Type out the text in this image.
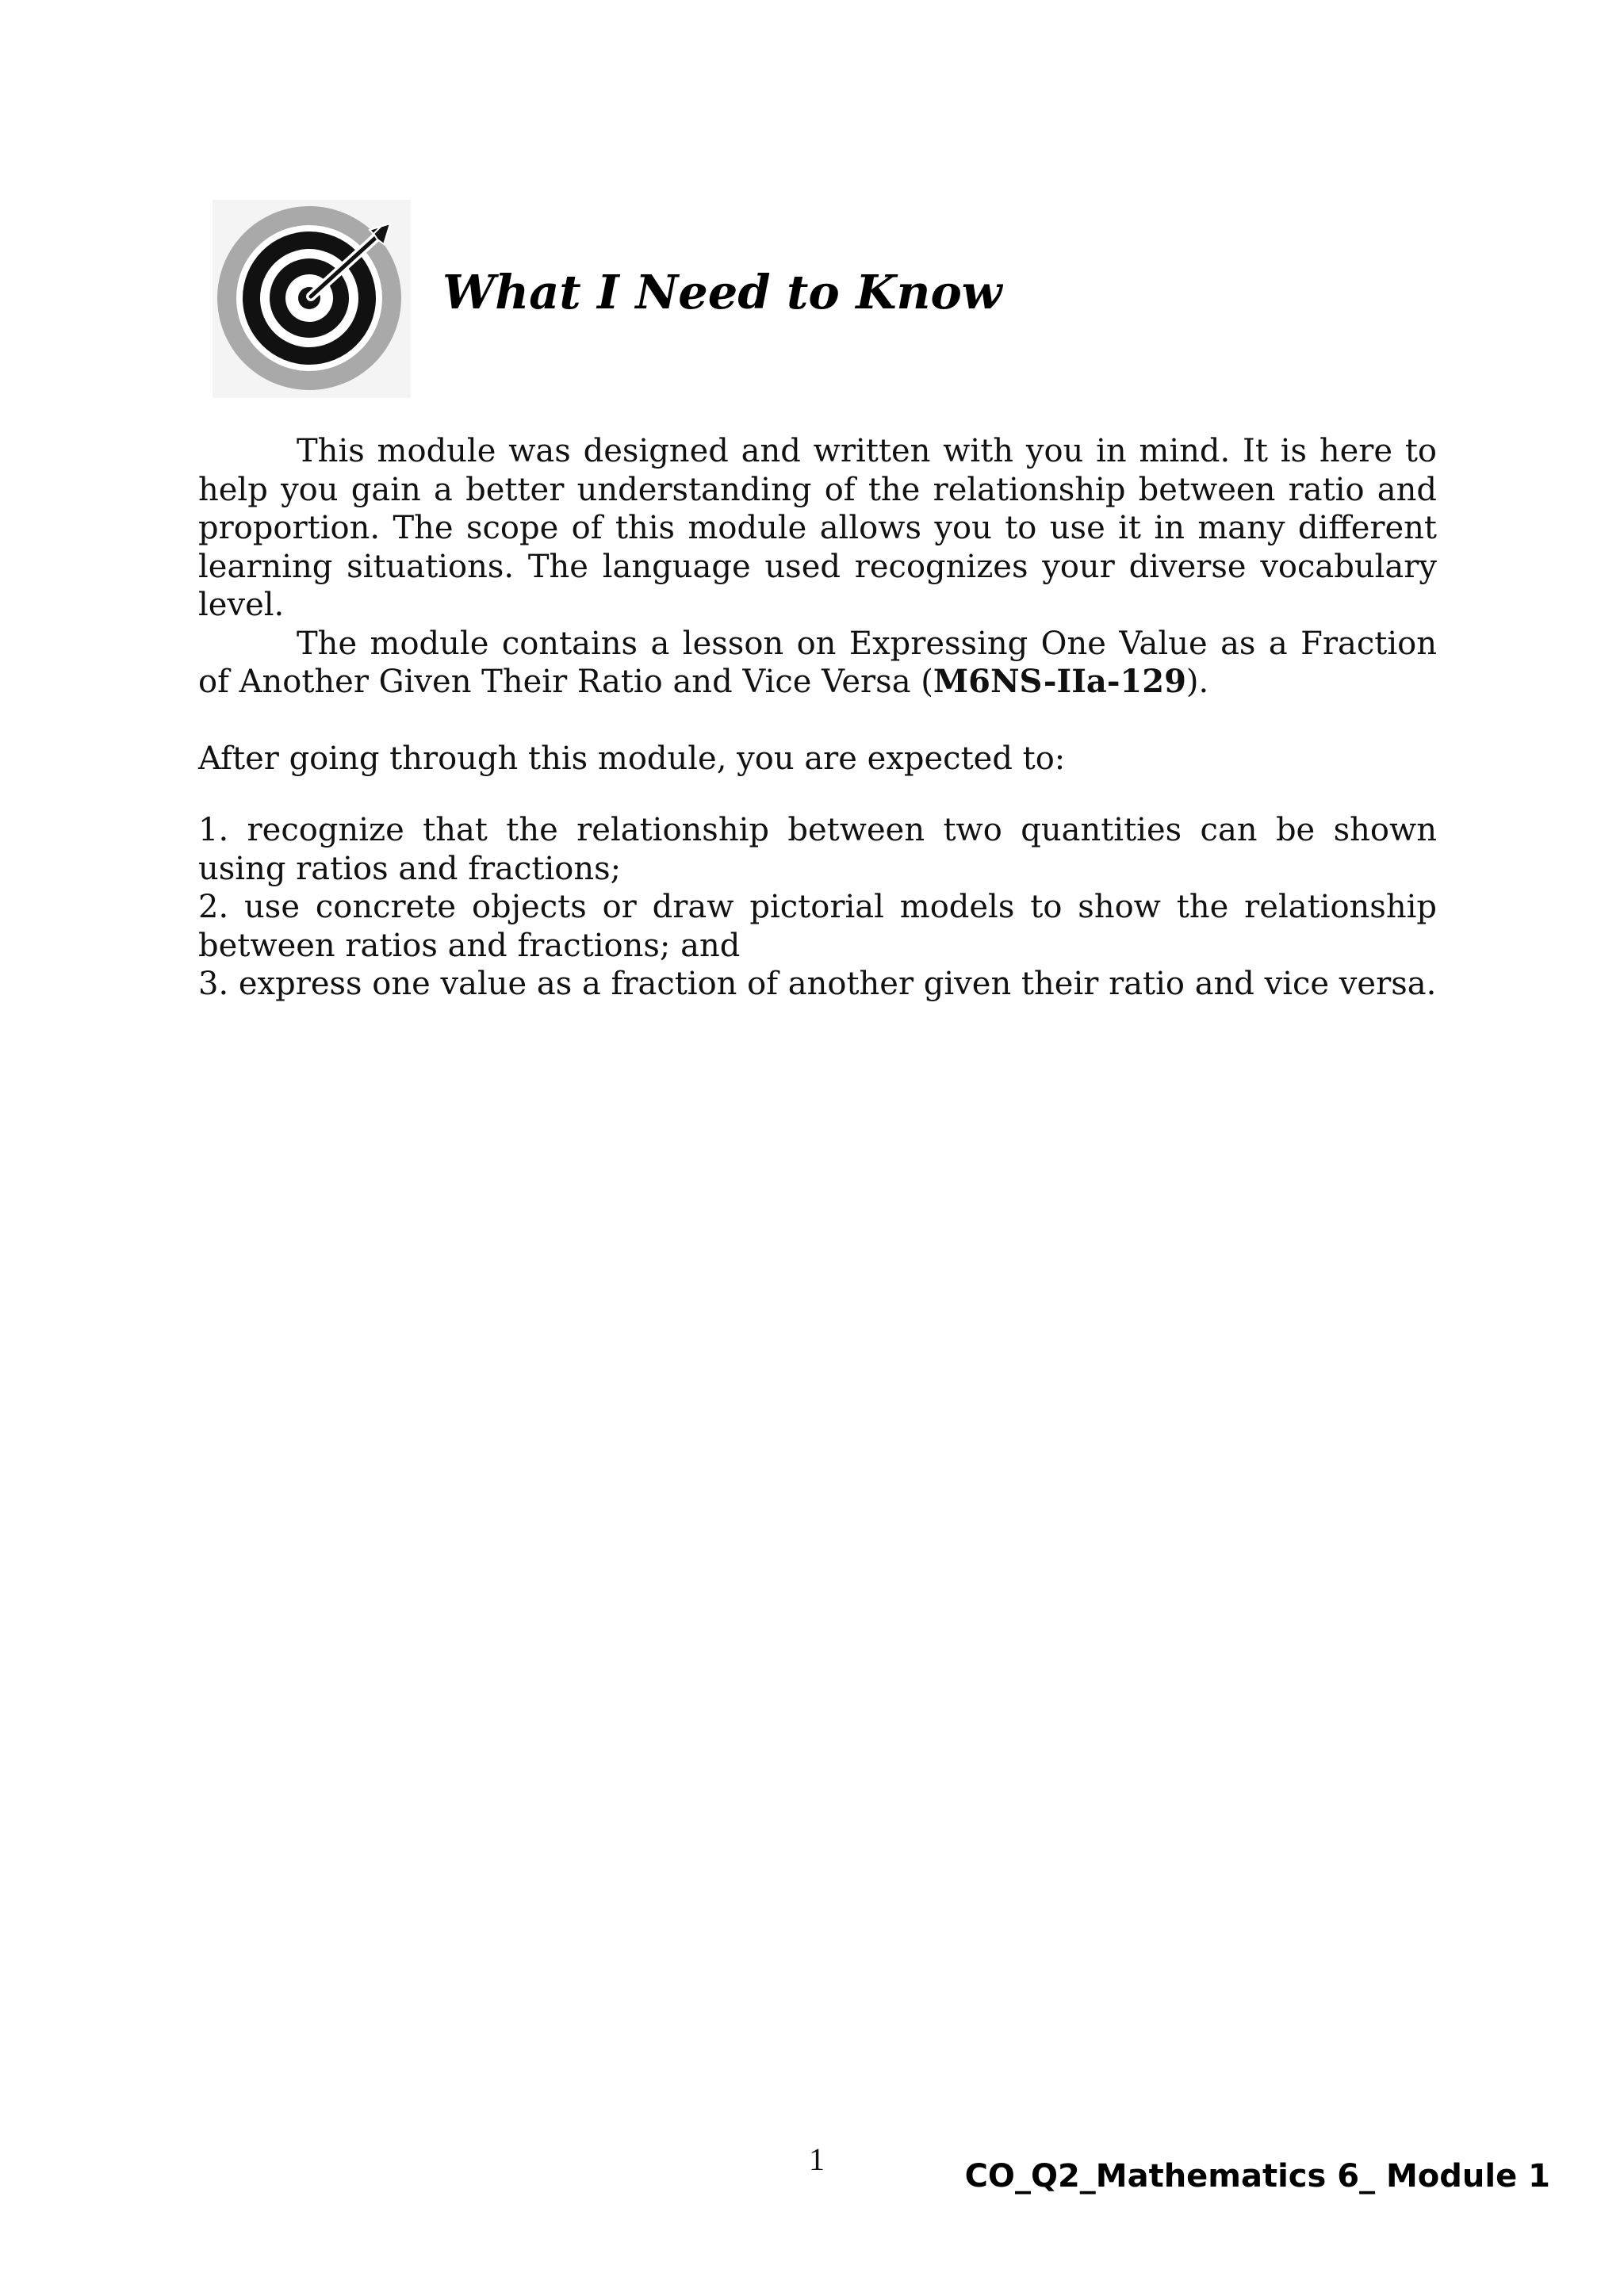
What I Need to Know

This module was designed and written with you in mind. It is here to help you gain a better understanding of the relationship between ratio and proportion. The scope of this module allows you to use it in many different learning situations. The language used recognizes your diverse vocabulary level.

The module contains a lesson on Expressing One Value as a Fraction of Another Given Their Ratio and Vice Versa (M6NS-IIa-129).

After going through this module, you are expected to:

1. recognize that the relationship between two quantities can be shown using ratios and fractions;

2. use concrete objects or draw pictorial models to show the relationship between ratios and fractions; and

3. express one value as a fraction of another given their ratio and vice versa.

1	CO_Q2_Mathematics 6_ Module 1
